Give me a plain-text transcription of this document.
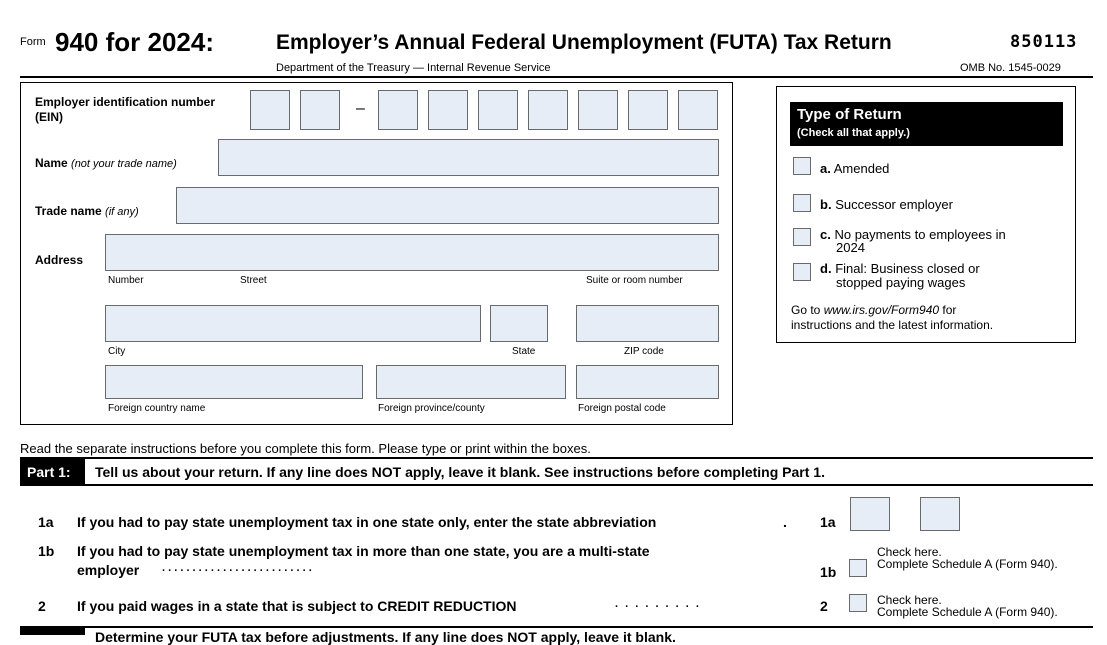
Form 940 for 2024:	Employer’s Annual Federal Unemployment (FUTA) Tax Return
Department of the Treasury — Internal Revenue Service
850113
OMB No. 1545-0029
Employer identification number
(EIN)	–
Name (not your trade name)
Trade name (if any)
Address
Number	Street	Suite or room number
City	State	ZIP code
Foreign country name	Foreign province/county	Foreign postal code
Type of Return
(Check all that apply.)
a. Amended
b. Successor employer
c. No payments to employees in
2024
d. Final: Business closed or
stopped paying wages
Go to www.irs.gov/Form940 for
instructions and the latest information.
Read the separate instructions before you complete this form. Please type or print within the boxes.
Part 1: Tell us about your return. If any line does NOT apply, leave it blank. See instructions before completing Part 1.
1a If you had to pay state unemployment tax in one state only, enter the state abbreviation	. 1a
1b If you had to pay state unemployment tax in more than one state, you are a multi-state
employer . . . . . . . . . . . . . . . . . . . . . . . . .	1b
Check here.
Complete Schedule A (Form 940).
2 If you paid wages in a state that is subject to CREDIT REDUCTION	. . . . . . . . .	2	Check here.
Complete Schedule A (Form 940).
Determine your FUTA tax before adjustments. If any line does NOT apply, leave it blank.
